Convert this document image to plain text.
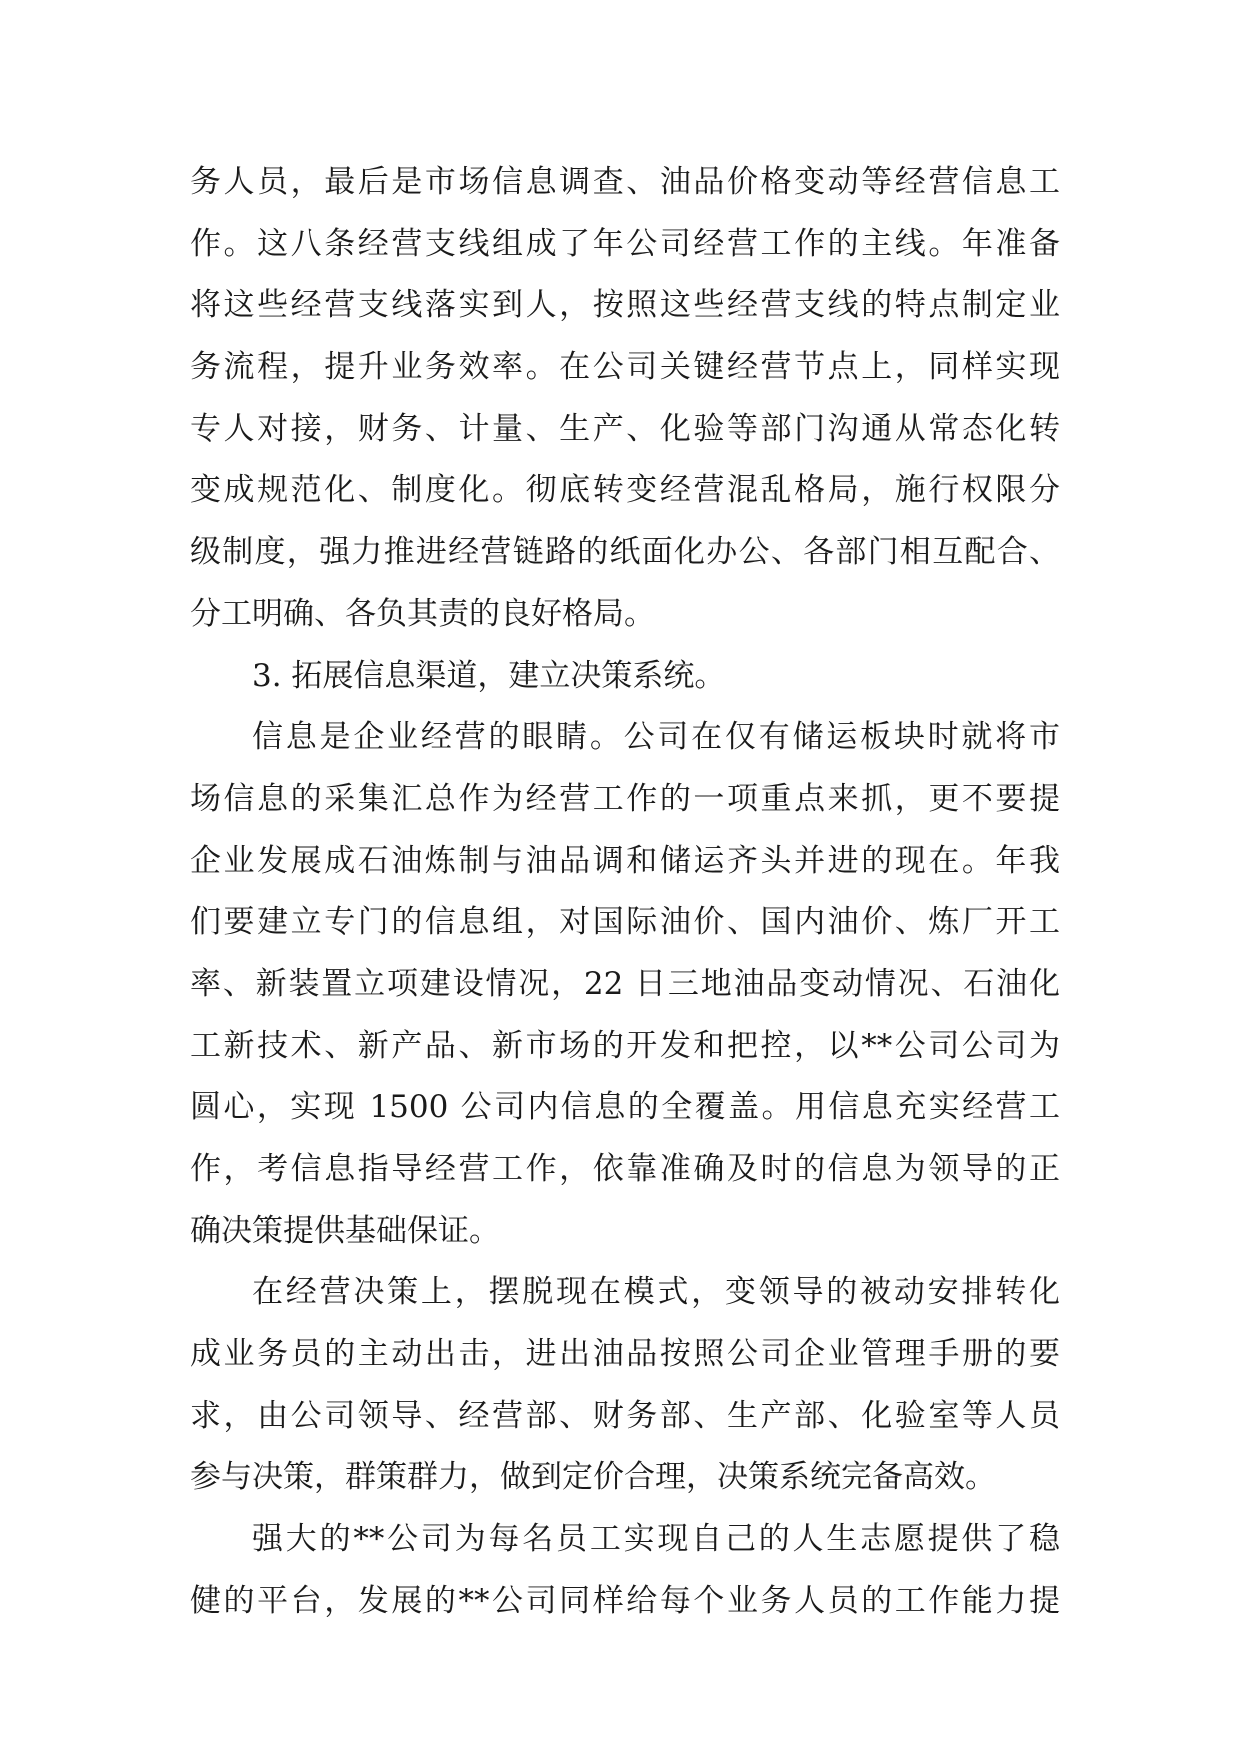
务人员，最后是市场信息调查、油品价格变动等经营信息工
作。这八条经营支线组成了年公司经营工作的主线。年准备
将这些经营支线落实到人，按照这些经营支线的特点制定业
务流程，提升业务效率。在公司关键经营节点上，同样实现
专人对接，财务、计量、生产、化验等部门沟通从常态化转
变成规范化、制度化。彻底转变经营混乱格局，施行权限分
级制度，强力推进经营链路的纸面化办公、各部门相互配合、
分工明确、各负其责的良好格局。
3. 拓展信息渠道，建立决策系统。
信息是企业经营的眼睛。公司在仅有储运板块时就将市
场信息的采集汇总作为经营工作的一项重点来抓，更不要提
企业发展成石油炼制与油品调和储运齐头并进的现在。年我
们要建立专门的信息组，对国际油价、国内油价、炼厂开工
率、新装置立项建设情况，22 日三地油品变动情况、石油化
工新技术、新产品、新市场的开发和把控，以**公司公司为
圆心，实现 1500 公司内信息的全覆盖。用信息充实经营工
作，考信息指导经营工作，依靠准确及时的信息为领导的正
确决策提供基础保证。
在经营决策上，摆脱现在模式，变领导的被动安排转化
成业务员的主动出击，进出油品按照公司企业管理手册的要
求，由公司领导、经营部、财务部、生产部、化验室等人员
参与决策，群策群力，做到定价合理，决策系统完备高效。
强大的**公司为每名员工实现自己的人生志愿提供了稳
健的平台，发展的**公司同样给每个业务人员的工作能力提
